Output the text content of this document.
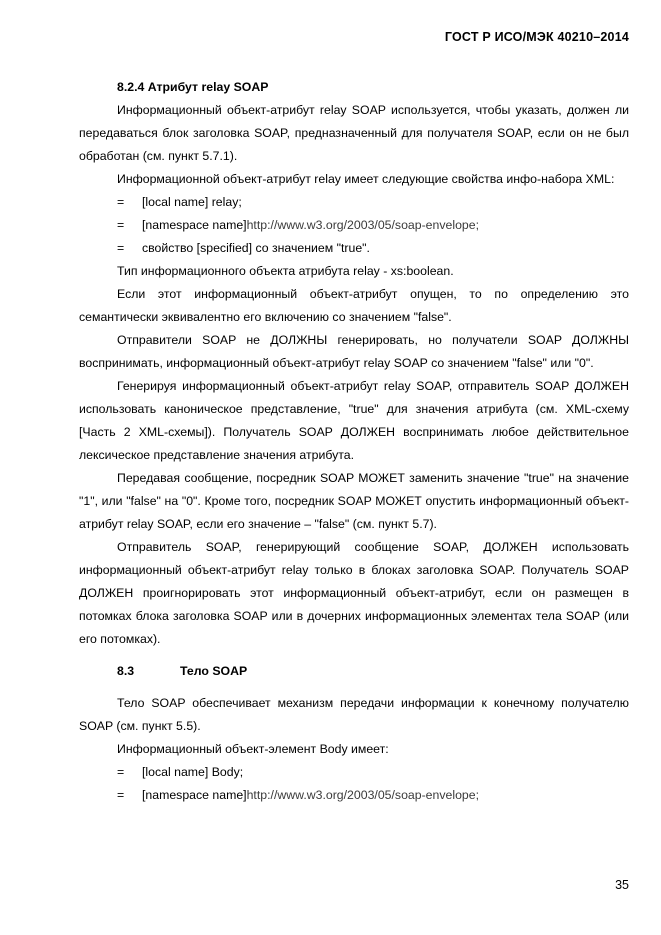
ГОСТ Р ИСО/МЭК 40210–2014

8.2.4 Атрибут relay SOAP

Информационный объект-атрибут relay SOAP используется, чтобы указать, должен ли передаваться блок заголовка SOAP, предназначенный для получателя SOAP, если он не был обработан (см. пункт 5.7.1).

Информационной объект-атрибут relay имеет следующие свойства инфо-набора XML:

= [local name] relay;

= [namespace name]http://www.w3.org/2003/05/soap-envelope;

= свойство [specified] со значением "true".

Тип информационного объекта атрибута relay - xs:boolean.

Если этот информационный объект-атрибут опущен, то по определению это семантически эквивалентно его включению со значением "false".

Отправители SOAP не ДОЛЖНЫ генерировать, но получатели SOAP ДОЛЖНЫ воспринимать, информационный объект-атрибут relay SOAP со значением "false" или "0".

Генерируя информационный объект-атрибут relay SOAP, отправитель SOAP ДОЛЖЕН использовать каноническое представление, "true" для значения атрибута (см. XML-схему [Часть 2 XML-схемы]). Получатель SOAP ДОЛЖЕН воспринимать любое действительное лексическое представление значения атрибута.

Передавая сообщение, посредник SOAP МОЖЕТ заменить значение "true" на значение "1", или "false" на "0". Кроме того, посредник SOAP МОЖЕТ опустить информационный объект-атрибут relay SOAP, если его значение – "false" (см. пункт 5.7).

Отправитель SOAP, генерирующий сообщение SOAP, ДОЛЖЕН использовать информационный объект-атрибут relay только в блоках заголовка SOAP. Получатель SOAP ДОЛЖЕН проигнорировать этот информационный объект-атрибут, если он размещен в потомках блока заголовка SOAP или в дочерних информационных элементах тела SOAP (или его потомках).

8.3	Тело SOAP

Тело SOAP обеспечивает механизм передачи информации к конечному получателю SOAP (см. пункт 5.5).

Информационный объект-элемент Body имеет:

= [local name] Body;

= [namespace name]http://www.w3.org/2003/05/soap-envelope;

35
